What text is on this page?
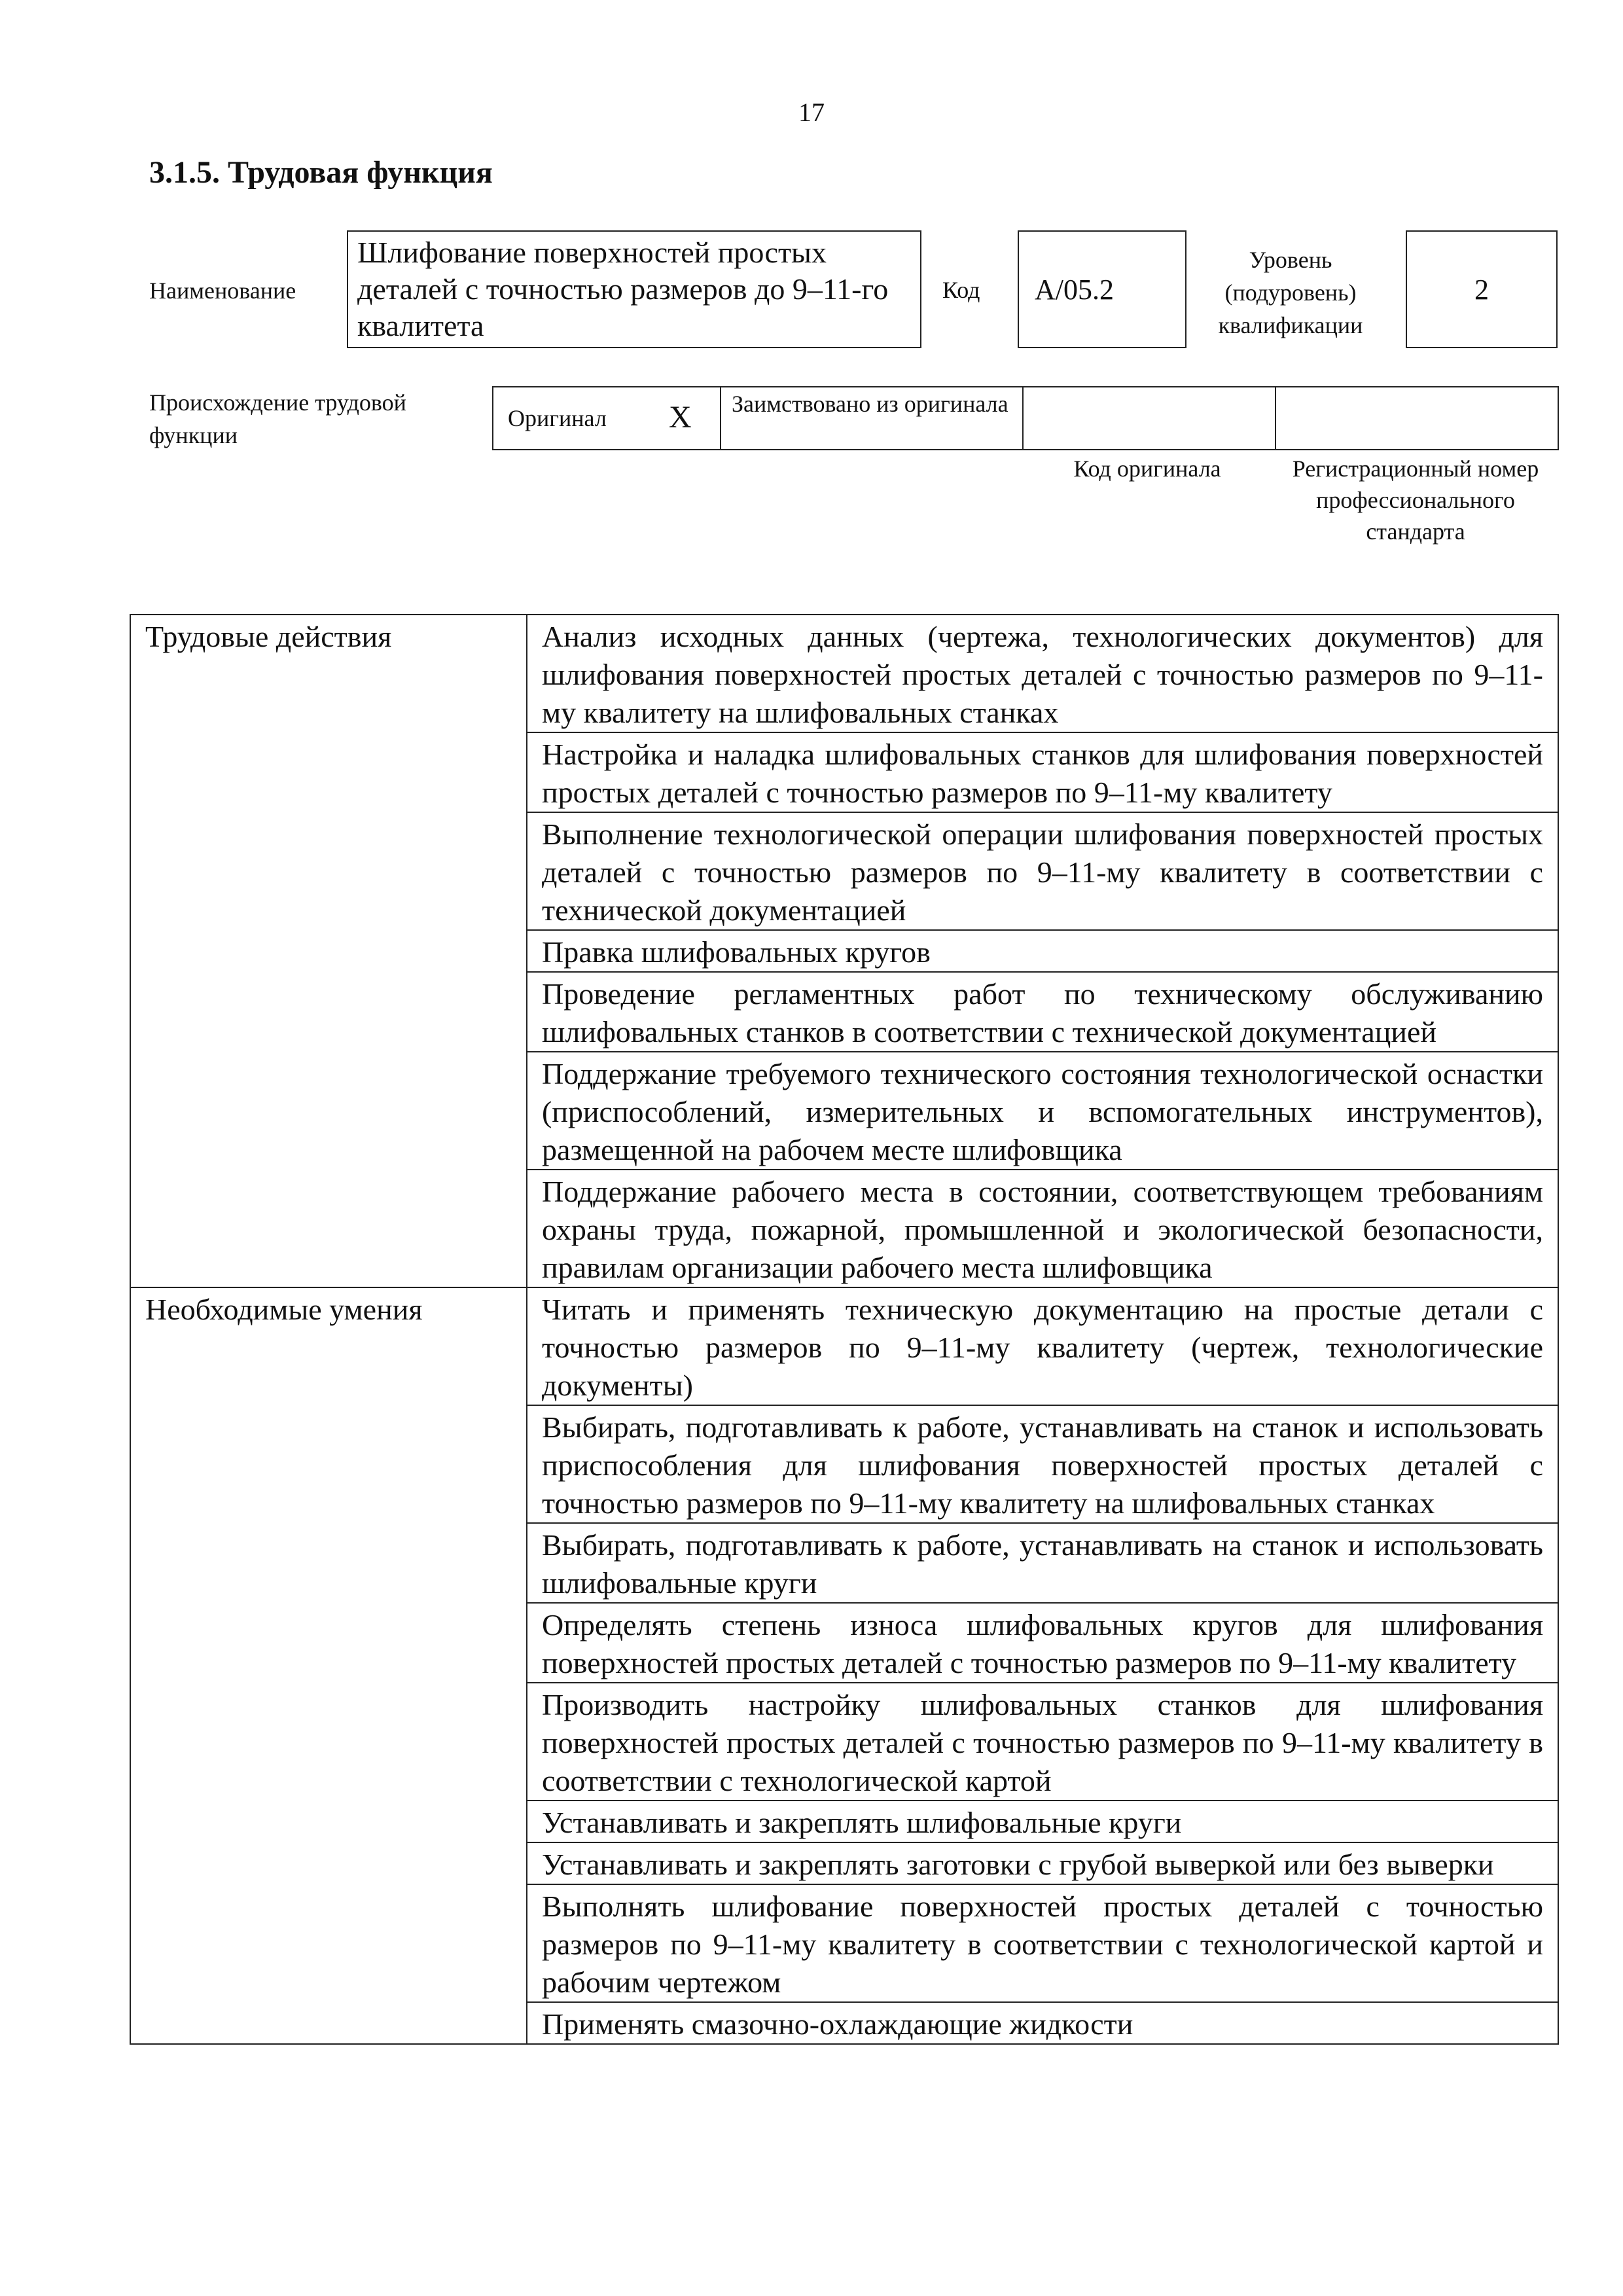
17
3.1.5. Трудовая функция
Наименование
Шлифование поверхностей простых деталей с точностью размеров до 9–11-го квалитета
Код A/05.2
Уровень (подуровень) квалификации
2
Происхождение трудовой функции
Оригинал X	Заимствовано из оригинала
Код оригинала	Регистрационный номер профессионального стандарта
Трудовые действия	Анализ исходных данных (чертежа, технологических документов) для шлифования поверхностей простых деталей с точностью размеров по 9–11-му квалитету на шлифовальных станках
	Настройка и наладка шлифовальных станков для шлифования поверхностей простых деталей с точностью размеров по 9–11-му квалитету
	Выполнение технологической операции шлифования поверхностей простых деталей с точностью размеров по 9–11-му квалитету в соответствии с технической документацией
	Правка шлифовальных кругов
	Проведение регламентных работ по техническому обслуживанию шлифовальных станков в соответствии с технической документацией
	Поддержание требуемого технического состояния технологической оснастки (приспособлений, измерительных и вспомогательных инструментов), размещенной на рабочем месте шлифовщика
	Поддержание рабочего места в состоянии, соответствующем требованиям охраны труда, пожарной, промышленной и экологической безопасности, правилам организации рабочего места шлифовщика
Необходимые умения	Читать и применять техническую документацию на простые детали с точностью размеров по 9–11-му квалитету (чертеж, технологические документы)
	Выбирать, подготавливать к работе, устанавливать на станок и использовать приспособления для шлифования поверхностей простых деталей с точностью размеров по 9–11-му квалитету на шлифовальных станках
	Выбирать, подготавливать к работе, устанавливать на станок и использовать шлифовальные круги
	Определять степень износа шлифовальных кругов для шлифования поверхностей простых деталей с точностью размеров по 9–11-му квалитету
	Производить настройку шлифовальных станков для шлифования поверхностей простых деталей с точностью размеров по 9–11-му квалитету в соответствии с технологической картой
	Устанавливать и закреплять шлифовальные круги
	Устанавливать и закреплять заготовки с грубой выверкой или без выверки
	Выполнять шлифование поверхностей простых деталей с точностью размеров по 9–11-му квалитету в соответствии с технологической картой и рабочим чертежом
	Применять смазочно-охлаждающие жидкости
